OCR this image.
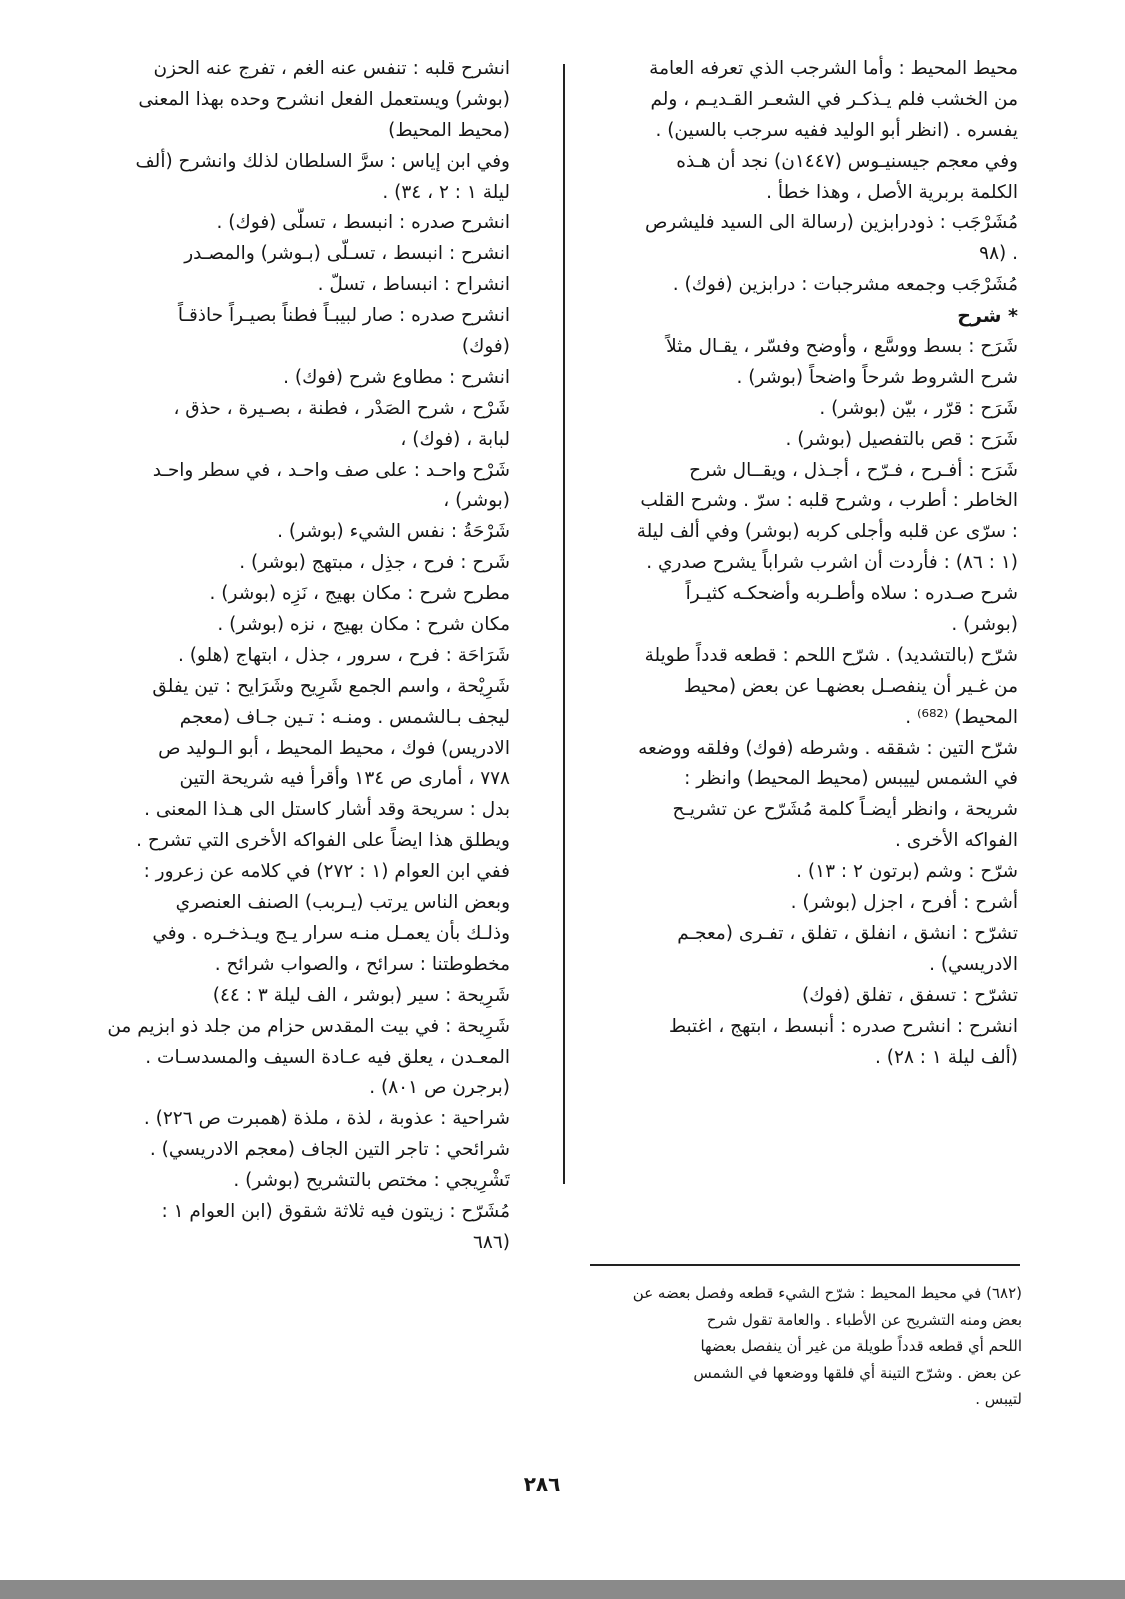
محيط المحيط : وأما الشرجب الذي تعرفه العامة
من الخشب فلم يـذكـر في الشعـر القـديـم ، ولم
يفسره . (انظر أبو الوليد ففيه سرجب بالسين) .
وفي معجم جيسنيـوس (١٤٤٧ن) نجد أن هـذه
الكلمة بربرية الأصل ، وهذا خطأ .
مُشَرْجَب : ذودرابزين (رسالة الى السيد فليشرص
. (٩٨
مُشَرْجَب وجمعه مشرجبات : درابزين (فوك) .
* شرح
شَرَح : بسط ووسَّع ، وأوضح وفسّر ، يقـال مثلاً
شرح الشروط شرحاً واضحاً (بوشر) .
شَرَح : قرّر ، بيّن (بوشر) .
شَرَح : قص بالتفصيل (بوشر) .
شَرَح : أفـرح ، فـرّح ، أجـذل ، ويقــال شرح
الخاطر : أطرب ، وشرح قلبه : سرّ . وشرح القلب
: سرّى عن قلبه وأجلى كربه (بوشر) وفي ألف ليلة
(١ : ٨٦) : فأردت أن اشرب شراباً يشرح صدري .
شرح صـدره : سلاه وأطـربه وأضحكـه كثيـراً
(بوشر) .
شرّح (بالتشديد) . شرّح اللحم : قطعه قدداً طويلة
من غـير أن ينفصـل بعضهـا عن بعض (محيط
المحيط) ⁽⁶⁸²⁾ .
شرّح التين : شققه . وشرطه (فوك) وفلقه ووضعه
في الشمس لييبس (محيط المحيط) وانظر :
شريحة ، وانظر أيضـاً كلمة مُشَرّح عن تشريـح
الفواكه الأخرى .
شرّح : وشم (برتون ٢ : ١٣) .
أشرح : أفرح ، اجزل (بوشر) .
تشرّح : انشق ، انفلق ، تفلق ، تفـرى (معجـم
الادريسي) .
تشرّح : تسفق ، تفلق (فوك)
انشرح : انشرح صدره : أنبسط ، ابتهج ، اغتبط
(ألف ليلة ١ : ٢٨) .
انشرح قلبه : تنفس عنه الغم ، تفرج عنه الحزن
(بوشر) ويستعمل الفعل انشرح وحده بهذا المعنى
(محيط المحيط)
وفي ابن إياس : سرَّ السلطان لذلك وانشرح (ألف
ليلة ١ : ٢ ، ٣٤) .
انشرح صدره : انبسط ، تسلّى (فوك) .
انشرح : انبسط ، تسـلّى (بـوشر) والمصـدر
انشراح : انبساط ، تسلّ .
انشرح صدره : صار لبيبـاً فطناً بصيـراً حاذقـاً
(فوك)
انشرح : مطاوع شرح (فوك) .
شَرْح ، شرح الصَدْر ، فطنة ، بصـيرة ، حذق ،
لبابة ، (فوك) ،
شَرْح واحـد : على صف واحـد ، في سطر واحـد
(بوشر) ،
شَرْحَةُ : نفس الشيء (بوشر) .
شَرح : فرح ، جذِل ، مبتهج (بوشر) .
مطرح شرح : مكان بهيج ، نَزِه (بوشر) .
مكان شرح : مكان بهيج ، نزه (بوشر) .
شَرَاحَة : فرح ، سرور ، جذل ، ابتهاج (هلو) .
شَرِيْحة ، واسم الجمع شَرِيح وشَرَايح : تين يفلق
ليجف بـالشمس . ومنـه : تـين جـاف (معجم
الادريس) فوك ، محيط المحيط ، أبو الـوليد ص
٧٧٨ ، أمارى ص ١٣٤ وأقرأ فيه شريحة التين
بدل : سريحة وقد أشار كاستل الى هـذا المعنى .
ويطلق هذا ايضاً على الفواكه الأخرى التي تشرح .
ففي ابن العوام (١ : ٢٧٢) في كلامه عن زعرور :
وبعض الناس يرتب (يـربب) الصنف العنصري
وذلـك بأن يعمـل منـه سرار يـج ويـذخـره . وفي
مخطوطتنا : سرائح ، والصواب شرائح .
شَرِيحة : سير (بوشر ، الف ليلة ٣ : ٤٤)
شَرِيحة : في بيت المقدس حزام من جلد ذو ابزيم من
المعـدن ، يعلق فيه عـادة السيف والمسدسـات .
(برجرن ص ٨٠١) .
شراحية : عذوبة ، لذة ، ملذة (همبرت ص ٢٢٦) .
شرائحي : تاجر التين الجاف (معجم الادريسي) .
تَشْرِيجي : مختص بالتشريح (بوشر) .
مُشَرّح : زيتون فيه ثلاثة شقوق (ابن العوام ١ :
(٦٨٦
(٦٨٢) في محيط المحيط : شرّح الشيء قطعه وفصل بعضه عن
بعض ومنه التشريح عن الأطباء . والعامة تقول شرح
اللحم أي قطعه قدداً طويلة من غير أن ينفصل بعضها
عن بعض . وشرّح التينة أي فلقها ووضعها في الشمس
لتيبس .
٢٨٦
